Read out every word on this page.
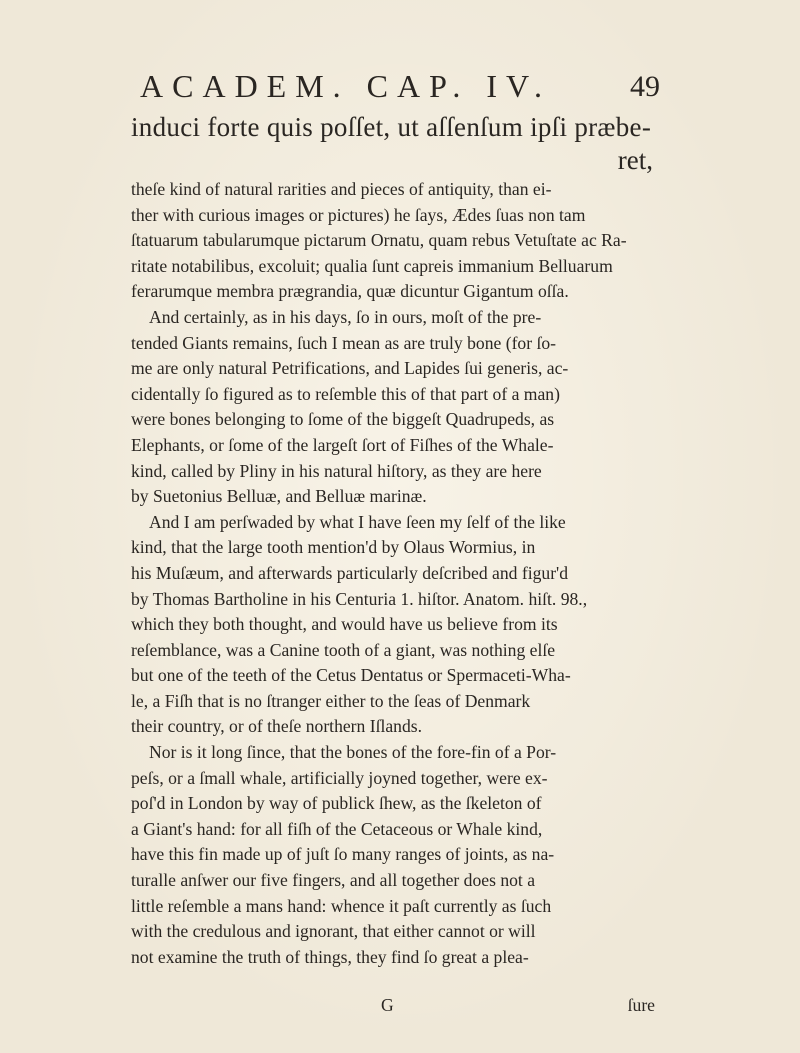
ACADEM. CAP. IV.	49
induci forte quis poſſet, ut aſſenſum ipſi præbe-
ret,
theſe kind of natural rarities and pieces of antiquity, than ei-
ther with curious images or pictures) he ſays, Ædes ſuas non tam
ſtatuarum tabularumque pictarum Ornatu, quam rebus Vetuſtate ac Ra-
ritate notabilibus, excoluit; qualia ſunt capreis immanium Belluarum
ferarumque membra prægrandia, quæ dicuntur Gigantum oſſa.
And certainly, as in his days, ſo in ours, moſt of the pre-
tended Giants remains, ſuch I mean as are truly bone (for ſo-
me are only natural Petrifications, and Lapides ſui generis, ac-
cidentally ſo figured as to reſemble this of that part of a man)
were bones belonging to ſome of the biggeſt Quadrupeds, as
Elephants, or ſome of the largeſt ſort of Fiſhes of the Whale-
kind, called by Pliny in his natural hiſtory, as they are here
by Suetonius Belluæ, and Belluæ marinæ.
And I am perſwaded by what I have ſeen my ſelf of the like
kind, that the large tooth mention'd by Olaus Wormius, in
his Muſæum, and afterwards particularly deſcribed and figur'd
by Thomas Bartholine in his Centuria 1. hiſtor. Anatom. hiſt. 98.,
which they both thought, and would have us believe from its
reſemblance, was a Canine tooth of a giant, was nothing elſe
but one of the teeth of the Cetus Dentatus or Spermaceti-Wha-
le, a Fiſh that is no ſtranger either to the ſeas of Denmark
their country, or of theſe northern Iſlands.
Nor is it long ſince, that the bones of the fore-fin of a Por-
peſs, or a ſmall whale, artificially joyned together, were ex-
poſ'd in London by way of publick ſhew, as the ſkeleton of
a Giant's hand: for all fiſh of the Cetaceous or Whale kind,
have this fin made up of juſt ſo many ranges of joints, as na-
turalle anſwer our five fingers, and all together does not a
little reſemble a mans hand: whence it paſt currently as ſuch
with the credulous and ignorant, that either cannot or will
not examine the truth of things, they find ſo great a plea-
G	ſure
